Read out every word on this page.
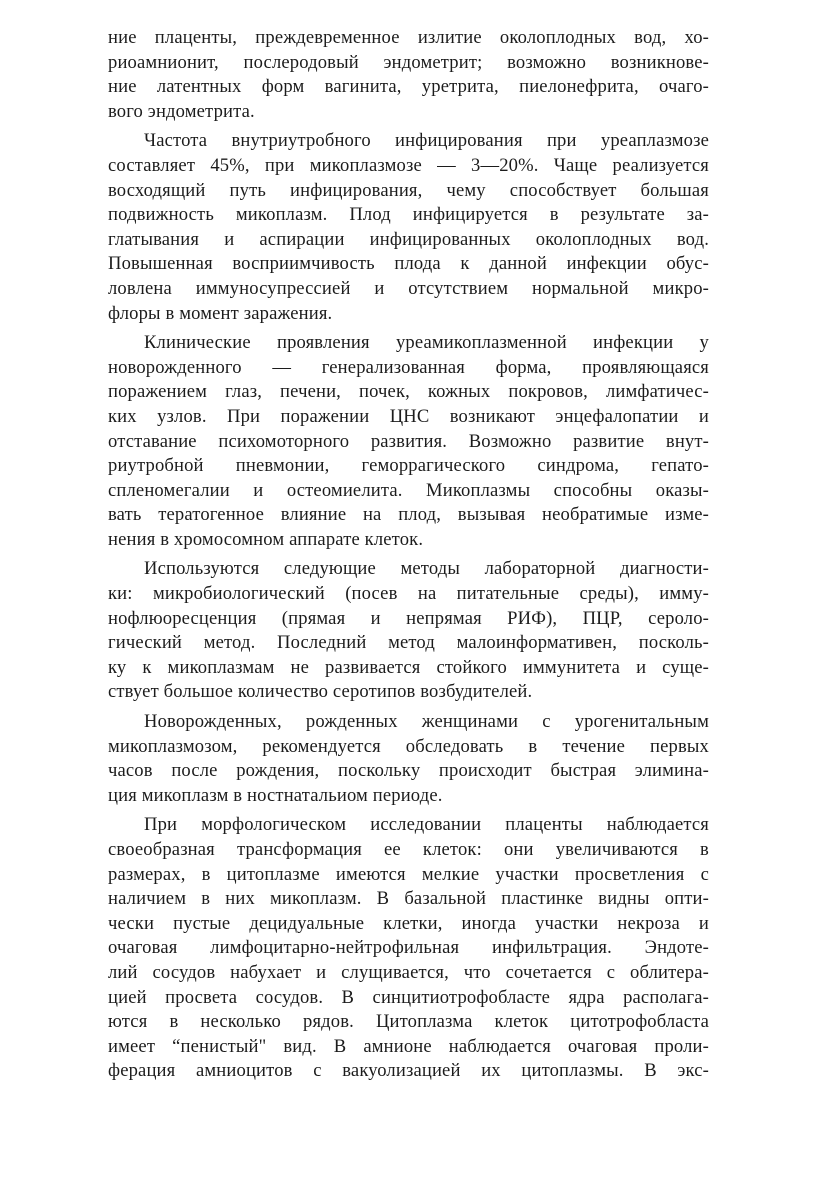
ние плаценты, преждевременное излитие околоплодных вод, хо-
риоамнионит, послеродовый эндометрит; возможно возникнове-
ние латентных форм вагинита, уретрита, пиелонефрита, очаго-
вого эндометрита.
Частота внутриутробного инфицирования при уреаплазмозе
составляет 45%, при микоплазмозе — 3—20%. Чаще реализуется
восходящий путь инфицирования, чему способствует большая
подвижность микоплазм. Плод инфицируется в результате за-
глатывания и аспирации инфицированных околоплодных вод.
Повышенная восприимчивость плода к данной инфекции обус-
ловлена иммуносупрессией и отсутствием нормальной микро-
флоры в момент заражения.
Клинические проявления уреамикоплазменной инфекции у
новорожденного — генерализованная форма, проявляющаяся
поражением глаз, печени, почек, кожных покровов, лимфатичес-
ких узлов. При поражении ЦНС возникают энцефалопатии и
отставание психомоторного развития. Возможно развитие внут-
риутробной пневмонии, геморрагического синдрома, гепато-
спленомегалии и остеомиелита. Микоплазмы способны оказы-
вать тератогенное влияние на плод, вызывая необратимые изме-
нения в хромосомном аппарате клеток.
Используются следующие методы лабораторной диагности-
ки: микробиологический (посев на питательные среды), имму-
нофлюоресценция (прямая и непрямая РИФ), ПЦР, сероло-
гический метод. Последний метод малоинформативен, посколь-
ку к микоплазмам не развивается стойкого иммунитета и суще-
ствует большое количество серотипов возбудителей.
Новорожденных, рожденных женщинами с урогенитальным
микоплазмозом, рекомендуется обследовать в течение первых
часов после рождения, поскольку происходит быстрая элимина-
ция микоплазм в ностнатальиом периоде.
При морфологическом исследовании плаценты наблюдается
своеобразная трансформация ее клеток: они увеличиваются в
размерах, в цитоплазме имеются мелкие участки просветления с
наличием в них микоплазм. В базальной пластинке видны опти-
чески пустые децидуальные клетки, иногда участки некроза и
очаговая лимфоцитарно-нейтрофильная инфильтрация. Эндоте-
лий сосудов набухает и слущивается, что сочетается с облитера-
цией просвета сосудов. В синцитиотрофобласте ядра располага-
ются в несколько рядов. Цитоплазма клеток цитотрофобласта
имеет “пенистый" вид. В амнионе наблюдается очаговая проли-
ферация амниоцитов с вакуолизацией их цитоплазмы. В экс-
